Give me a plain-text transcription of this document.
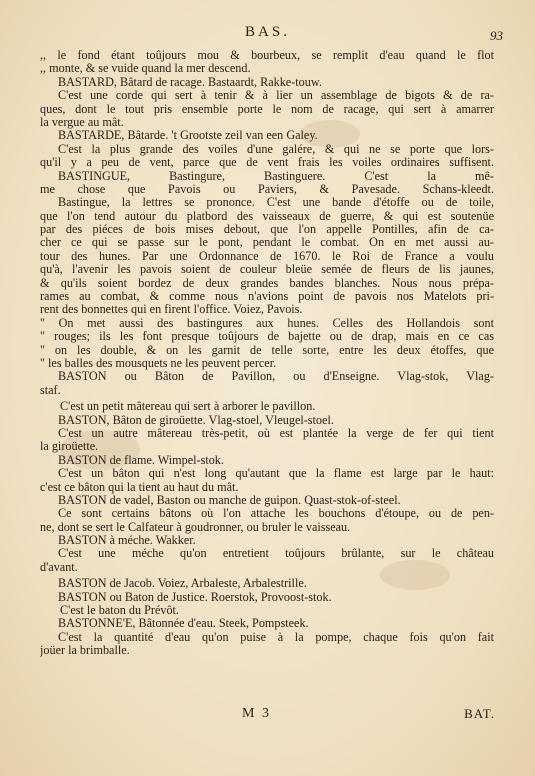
BAS.	93
,, le fond étant toûjours mou & bourbeux, se remplit d'eau quand le flot
,, monte, & se vuide quand la mer descend.
BASTARD, Bâtard de racage. Bastaardt, Rakke-touw.
C'est une corde qui sert à tenir & à lier un assemblage de bigots & de ra-
ques, dont le tout pris ensemble porte le nom de racage, qui sert à amarrer
la vergue au mât.
BASTARDE, Bâtarde. 't Grootste zeil van een Galey.
C'est la plus grande des voiles d'une galére, & qui ne se porte que lors-
qu'il y a peu de vent, parce que de vent frais les voiles ordinaires suffisent.
BASTINGUE, Bastingure, Bastinguere. C'est la mê-
me chose que Pavois ou Paviers, & Pavesade. Schans-kleedt.
Bastingue, la lettres se prononce. C'est une bande d'étoffe ou de toile,
que l'on tend autour du platbord des vaisseaux de guerre, & qui est soutenüe
par des piéces de bois mises debout, que l'on appelle Pontilles, afin de ca-
cher ce qui se passe sur le pont, pendant le combat. On en met aussi au-
tour des hunes. Par une Ordonnance de 1670. le Roi de France a voulu
qu'à, l'avenir les pavois soient de couleur bleüe semée de fleurs de lis jaunes,
& qu'ils soient bordez de deux grandes bandes blanches. Nous nous prépa-
rames au combat, & comme nous n'avions point de pavois nos Matelots pri-
rent des bonnettes qui en firent l'office. Voiez, Pavois.
" On met aussi des bastingures aux hunes. Celles des Hollandois sont
" rouges; ils les font presque toûjours de bajette ou de drap, mais en ce cas
" on les double, & on les garnit de telle sorte, entre les deux étoffes, que
" les balles des mousquets ne les peuvent percer.
BASTON ou Bâton de Pavillon, ou d'Enseigne. Vlag-stok, Vlag-
staf.
C'est un petit mâtereau qui sert à arborer le pavillon.
BASTON, Bâton de giroüette. Vlag-stoel, Vleugel-stoel.
C'est un autre mâtereau très-petit, où est plantée la verge de fer qui tient
la giroüette.
BASTON de flame. Wimpel-stok.
C'est un bâton qui n'est long qu'autant que la flame est large par le haut:
c'est ce bâton qui la tient au haut du mât.
BASTON de vadel, Baston ou manche de guipon. Quast-stok-of-steel.
Ce sont certains bâtons où l'on attache les bouchons d'étoupe, ou de pen-
ne, dont se sert le Calfateur à goudronner, ou bruler le vaisseau.
BASTON à méche. Wakker.
C'est une méche qu'on entretient toûjours brûlante, sur le château
d'avant.
BASTON de Jacob. Voiez, Arbaleste, Arbalestrille.
BASTON ou Baton de Justice. Roerstok, Provoost-stok.
C'est le baton du Prévôt.
BASTONNE'E, Bâtonnée d'eau. Steek, Pompsteek.
C'est la quantité d'eau qu'on puise à la pompe, chaque fois qu'on fait
joüer la brimballe.
M 3	BAT.
